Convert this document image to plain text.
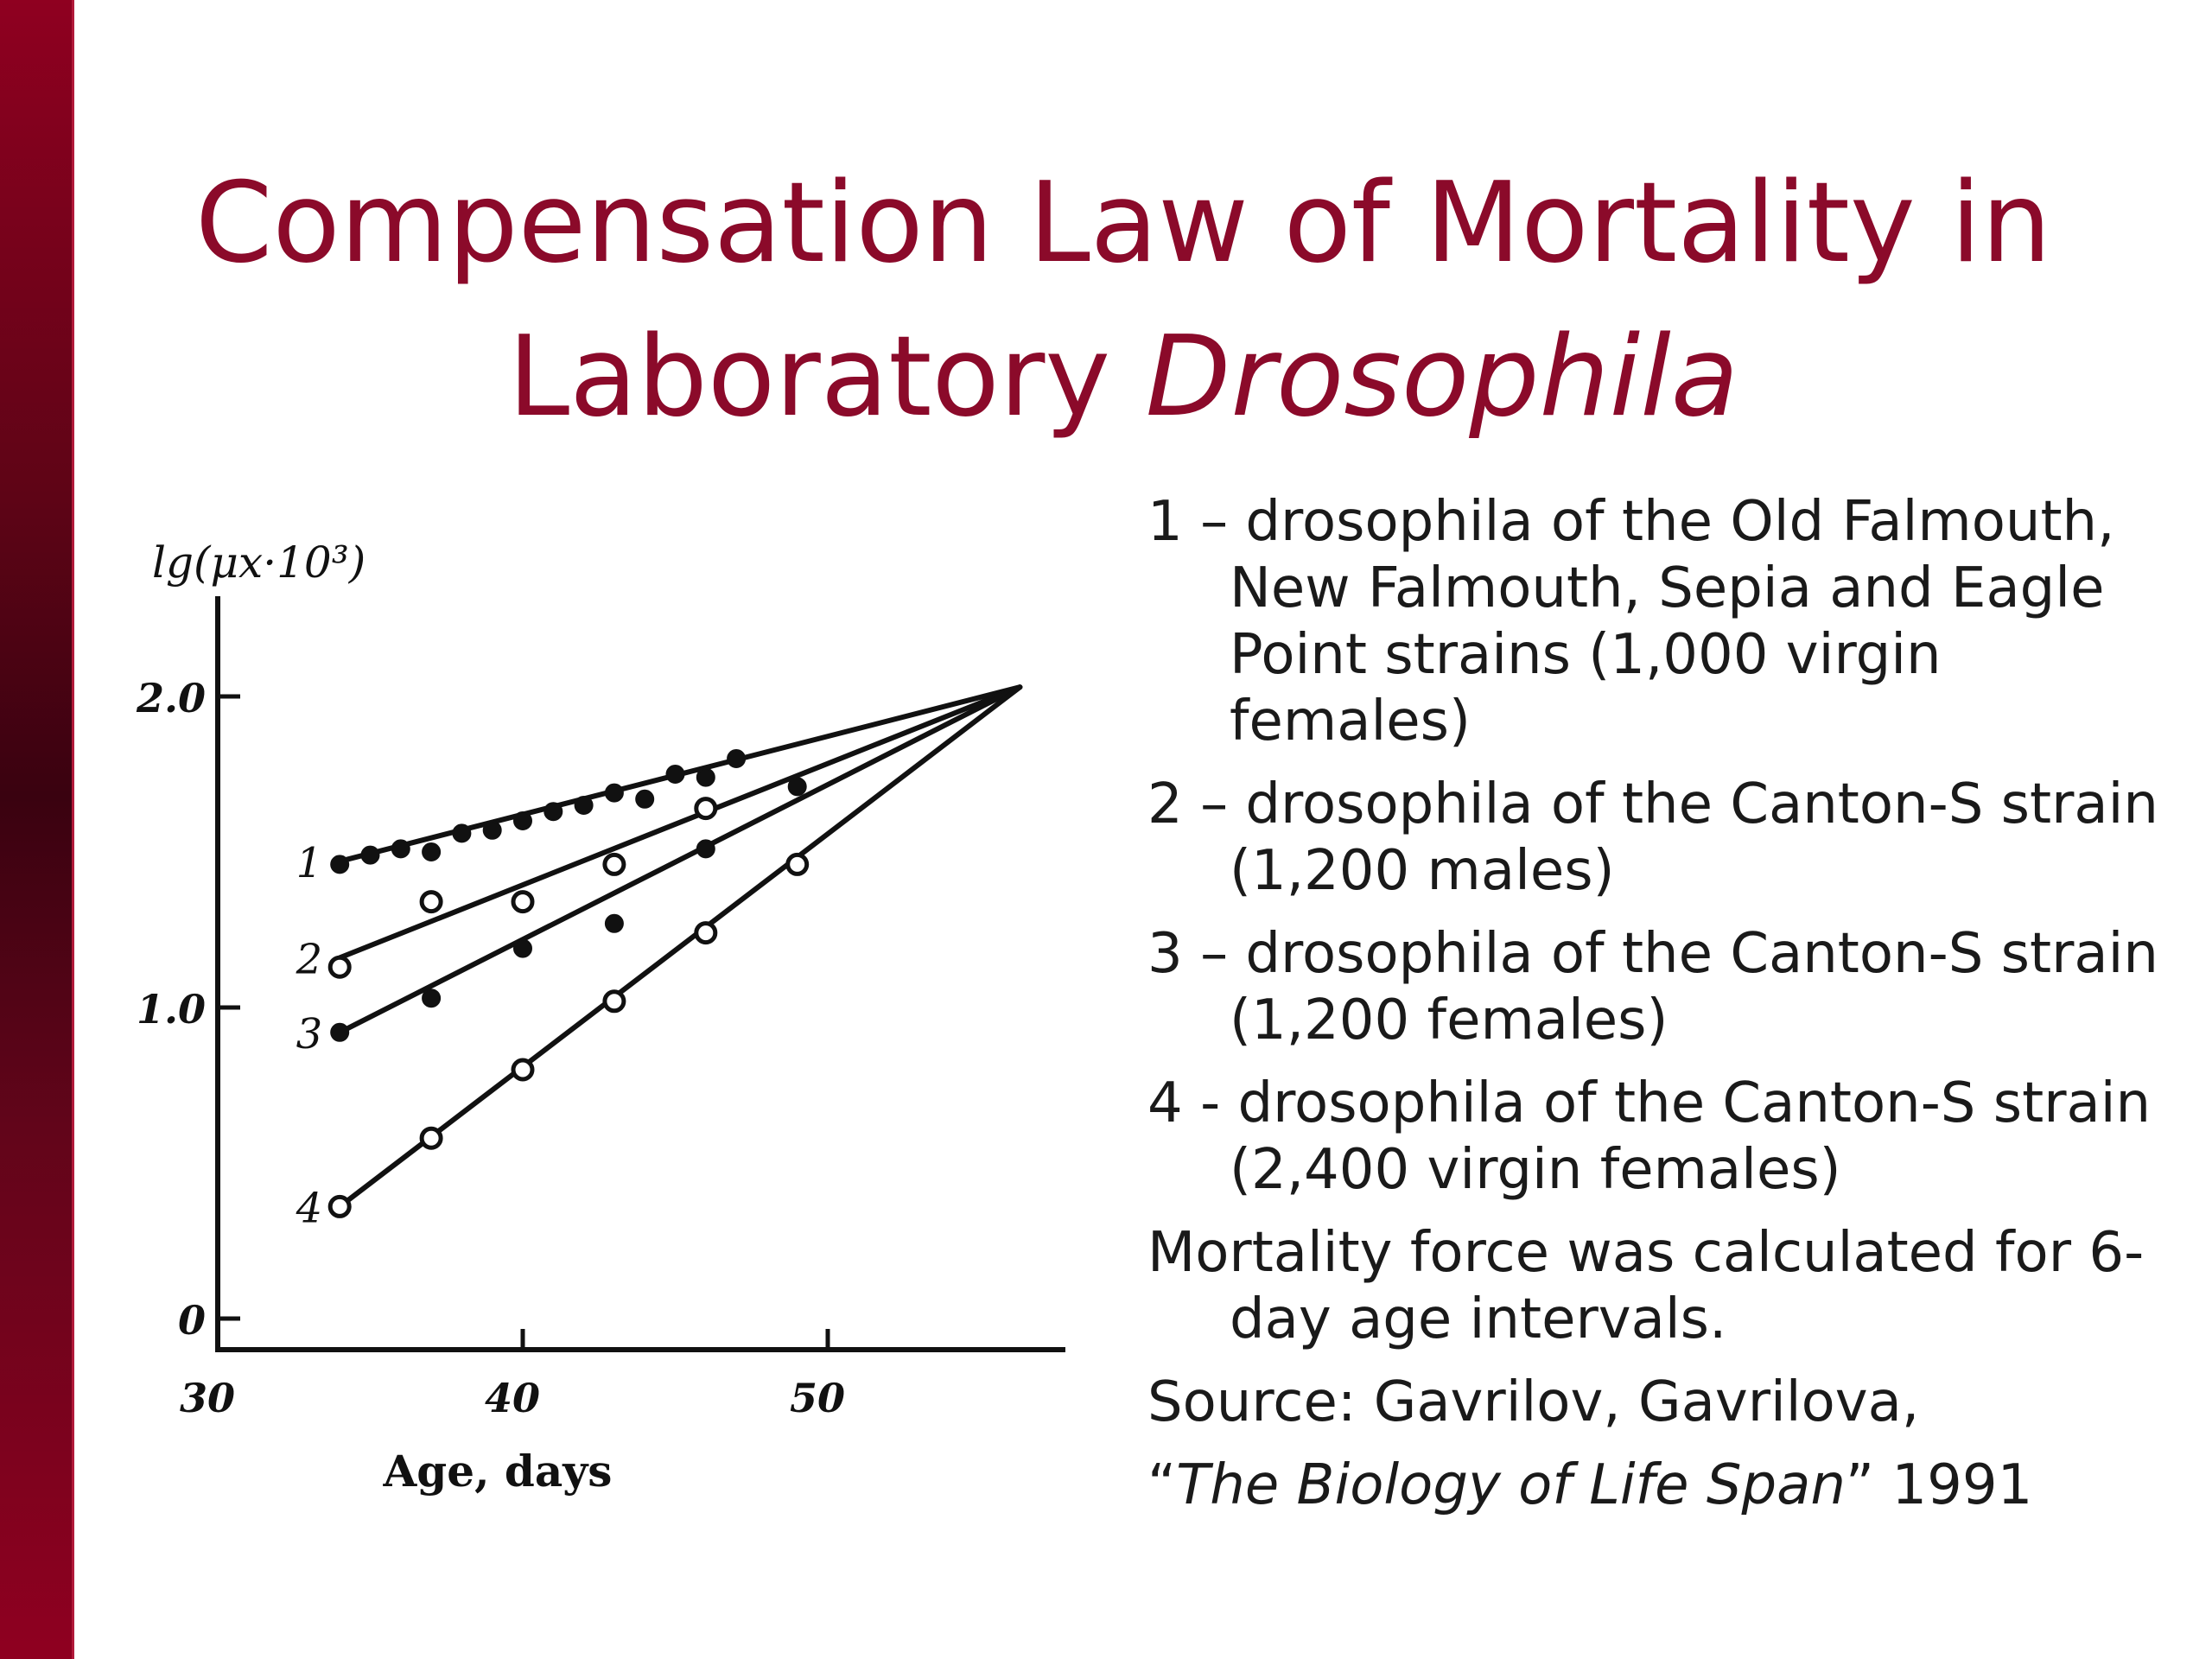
Compensation Law of Mortality in
Laboratory Drosophila
lg(μx·10³)
0
1.0
2.0
30	40	50
1
2
3
4
Age, days
1 – drosophila of the Old Falmouth, New Falmouth, Sepia and Eagle Point strains (1,000 virgin females)
2 – drosophila of the Canton-S strain (1,200 males)
3 – drosophila of the Canton-S strain (1,200 females)
4 - drosophila of the Canton-S strain (2,400 virgin females)
Mortality force was calculated for 6-day age intervals.
Source: Gavrilov, Gavrilova,
“The Biology of Life Span” 1991
